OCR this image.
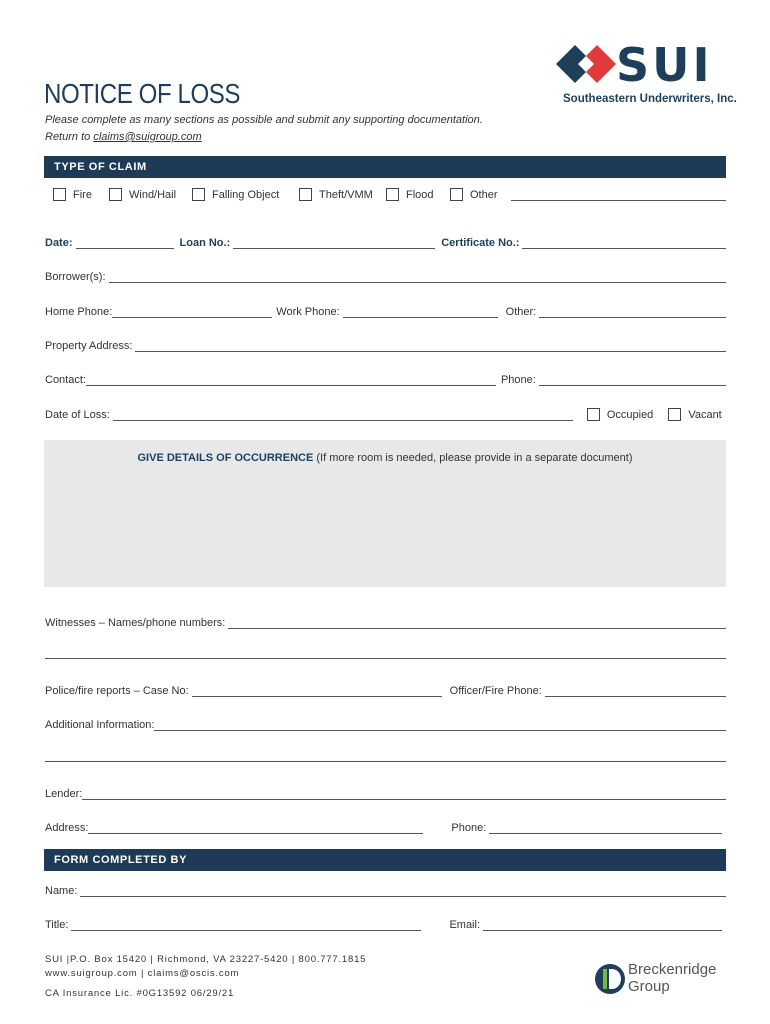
NOTICE OF LOSS
Please complete as many sections as possible and submit any supporting documentation.
Return to claims@suigroup.com
SUI
Southeastern Underwriters, Inc.
TYPE OF CLAIM
Fire	Wind/Hail	Falling Object	Theft/VMM	Flood	Other
Date:	Loan No.:	Certificate No.:
Borrower(s):
Home Phone:	Work Phone:	Other:
Property Address:
Contact:	Phone:
Date of Loss:	Occupied	Vacant
GIVE DETAILS OF OCCURRENCE (If more room is needed, please provide in a separate document)
Witnesses – Names/phone numbers:
Police/fire reports – Case No:	Officer/Fire Phone:
Additional Information:
Lender:
Address:	Phone:
FORM COMPLETED BY
Name:
Title:	Email:
SUI |P.O. Box 15420 | Richmond, VA 23227-5420 | 800.777.1815
www.suigroup.com | claims@oscis.com
CA Insurance Lic. #0G13592 06/29/21
Breckenridge
Group
